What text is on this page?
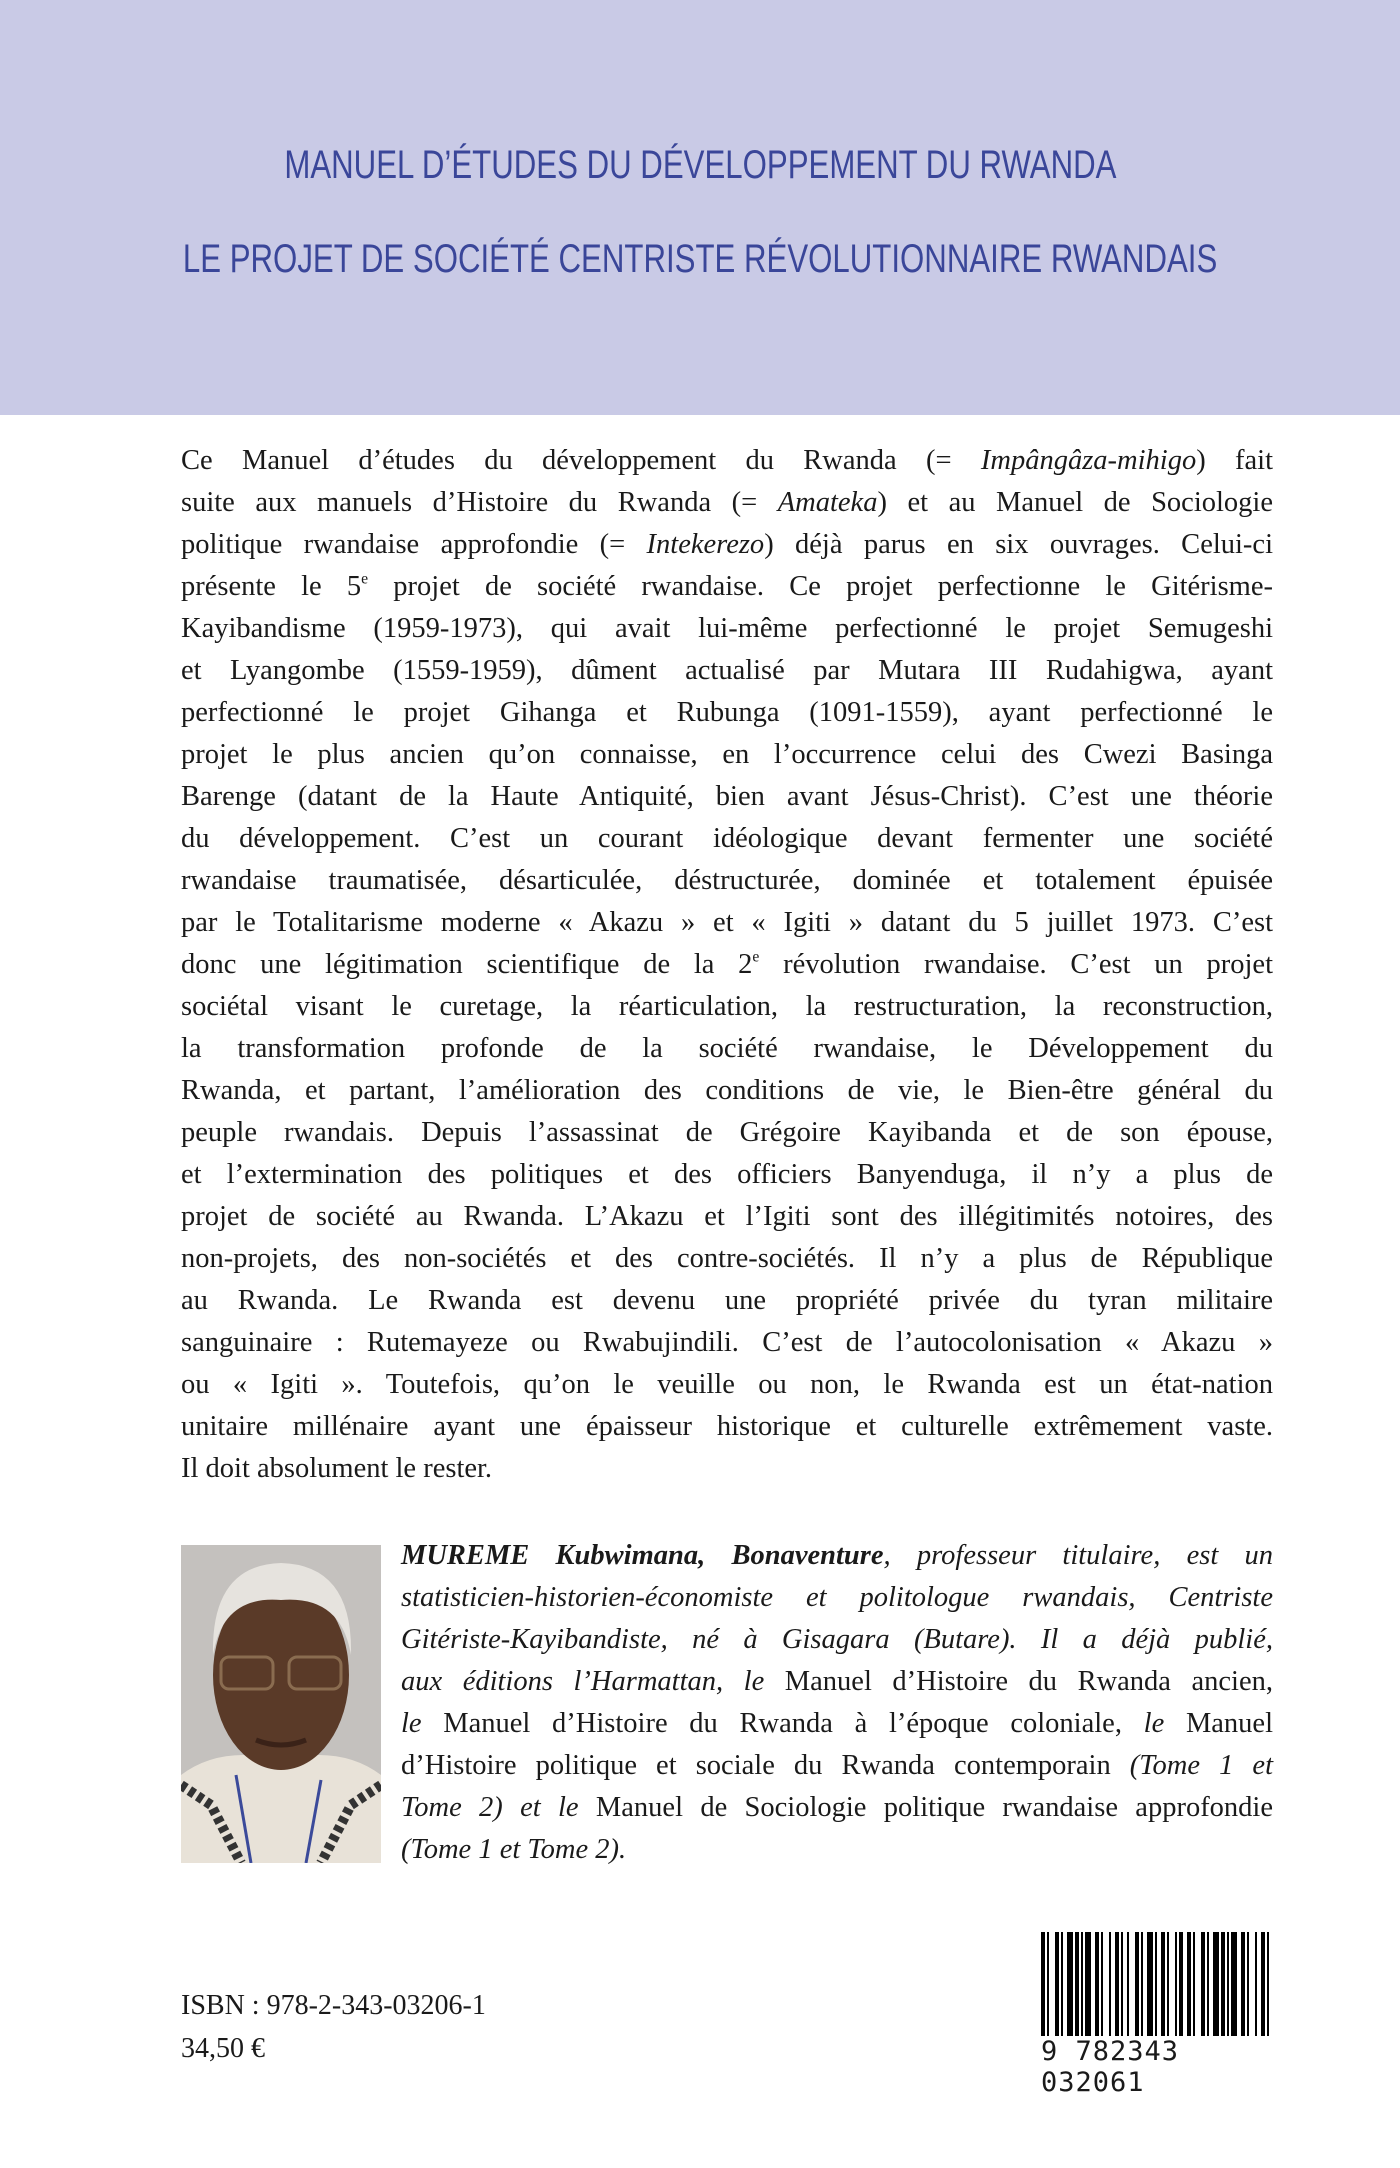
MANUEL D’ÉTUDES DU DÉVELOPPEMENT DU RWANDA
LE PROJET DE SOCIÉTÉ CENTRISTE RÉVOLUTIONNAIRE RWANDAIS
Ce Manuel d’études du développement du Rwanda (= Impângâza-mihigo) fait
suite aux manuels d’Histoire du Rwanda (= Amateka) et au Manuel de Sociologie
politique rwandaise approfondie (= Intekerezo) déjà parus en six ouvrages. Celui-ci
présente le 5e projet de société rwandaise. Ce projet perfectionne le Gitérisme-
Kayibandisme (1959-1973), qui avait lui-même perfectionné le projet Semugeshi
et Lyangombe (1559-1959), dûment actualisé par Mutara III Rudahigwa, ayant
perfectionné le projet Gihanga et Rubunga (1091-1559), ayant perfectionné le
projet le plus ancien qu’on connaisse, en l’occurrence celui des Cwezi Basinga
Barenge (datant de la Haute Antiquité, bien avant Jésus-Christ). C’est une théorie
du développement. C’est un courant idéologique devant fermenter une société
rwandaise traumatisée, désarticulée, déstructurée, dominée et totalement épuisée
par le Totalitarisme moderne « Akazu » et « Igiti » datant du 5 juillet 1973. C’est
donc une légitimation scientifique de la 2e révolution rwandaise. C’est un projet
sociétal visant le curetage, la réarticulation, la restructuration, la reconstruction,
la transformation profonde de la société rwandaise, le Développement du
Rwanda, et partant, l’amélioration des conditions de vie, le Bien-être général du
peuple rwandais. Depuis l’assassinat de Grégoire Kayibanda et de son épouse,
et l’extermination des politiques et des officiers Banyenduga, il n’y a plus de
projet de société au Rwanda. L’Akazu et l’Igiti sont des illégitimités notoires, des
non-projets, des non-sociétés et des contre-sociétés. Il n’y a plus de République
au Rwanda. Le Rwanda est devenu une propriété privée du tyran militaire
sanguinaire : Rutemayeze ou Rwabujindili. C’est de l’autocolonisation « Akazu »
ou « Igiti ». Toutefois, qu’on le veuille ou non, le Rwanda est un état-nation
unitaire millénaire ayant une épaisseur historique et culturelle extrêmement vaste.
Il doit absolument le rester.
MUREME Kubwimana, Bonaventure, professeur titulaire, est un
statisticien-historien-économiste et politologue rwandais, Centriste
Gitériste-Kayibandiste, né à Gisagara (Butare). Il a déjà publié,
aux éditions l’Harmattan, le Manuel d’Histoire du Rwanda ancien,
le Manuel d’Histoire du Rwanda à l’époque coloniale, le Manuel
d’Histoire politique et sociale du Rwanda contemporain (Tome 1 et
Tome 2) et le Manuel de Sociologie politique rwandaise approfondie
(Tome 1 et Tome 2).
ISBN : 978-2-343-03206-1
34,50 €	9 782343 032061
